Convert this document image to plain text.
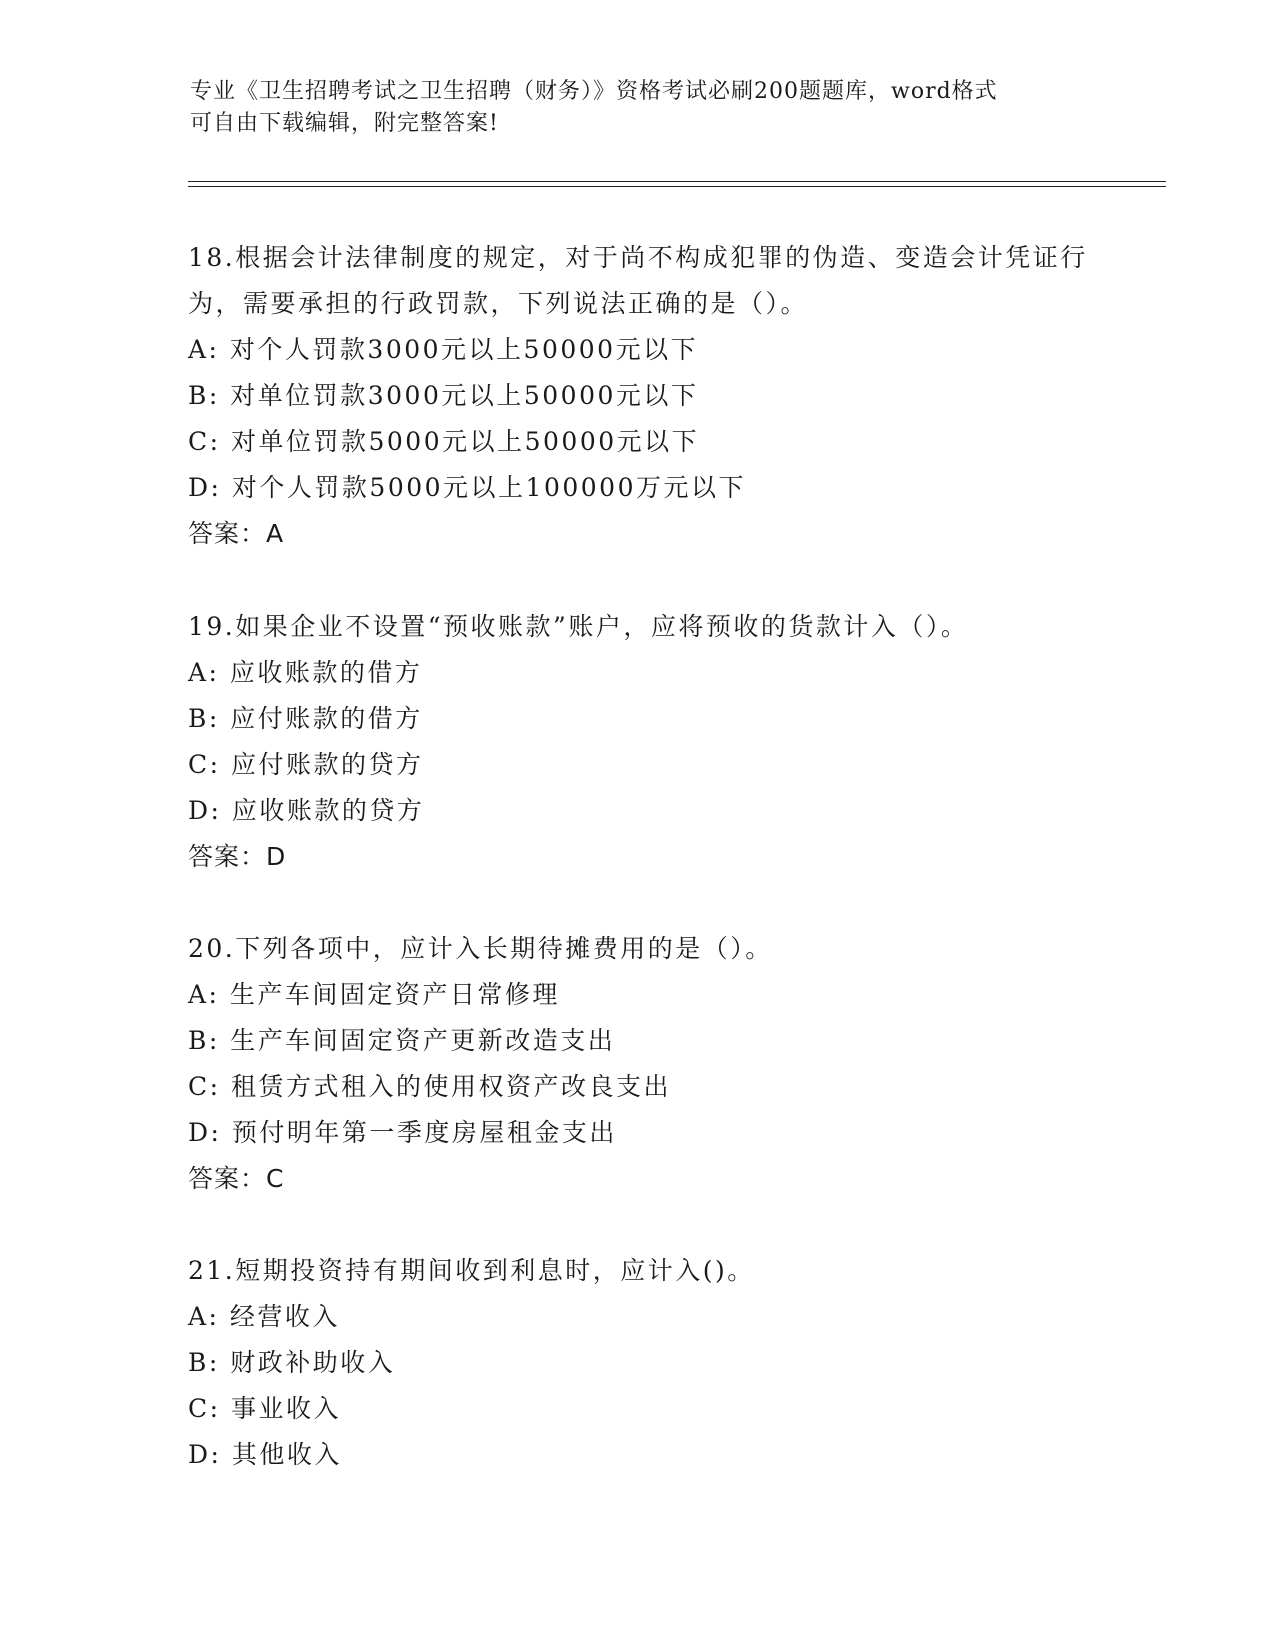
专业《卫生招聘考试之卫生招聘（财务）》资格考试必刷200题题库，word格式
可自由下载编辑，附完整答案!
18.根据会计法律制度的规定，对于尚不构成犯罪的伪造、变造会计凭证行为，需要承担的行政罚款，下列说法正确的是（）。
A: 对个人罚款3000元以上50000元以下
B: 对单位罚款3000元以上50000元以下
C: 对单位罚款5000元以上50000元以下
D: 对个人罚款5000元以上100000万元以下
答案：A
19.如果企业不设置“预收账款”账户，应将预收的货款计入（）。
A: 应收账款的借方
B: 应付账款的借方
C: 应付账款的贷方
D: 应收账款的贷方
答案：D
20.下列各项中，应计入长期待摊费用的是（）。
A: 生产车间固定资产日常修理
B: 生产车间固定资产更新改造支出
C: 租赁方式租入的使用权资产改良支出
D: 预付明年第一季度房屋租金支出
答案：C
21.短期投资持有期间收到利息时，应计入()。
A: 经营收入
B: 财政补助收入
C: 事业收入
D: 其他收入
